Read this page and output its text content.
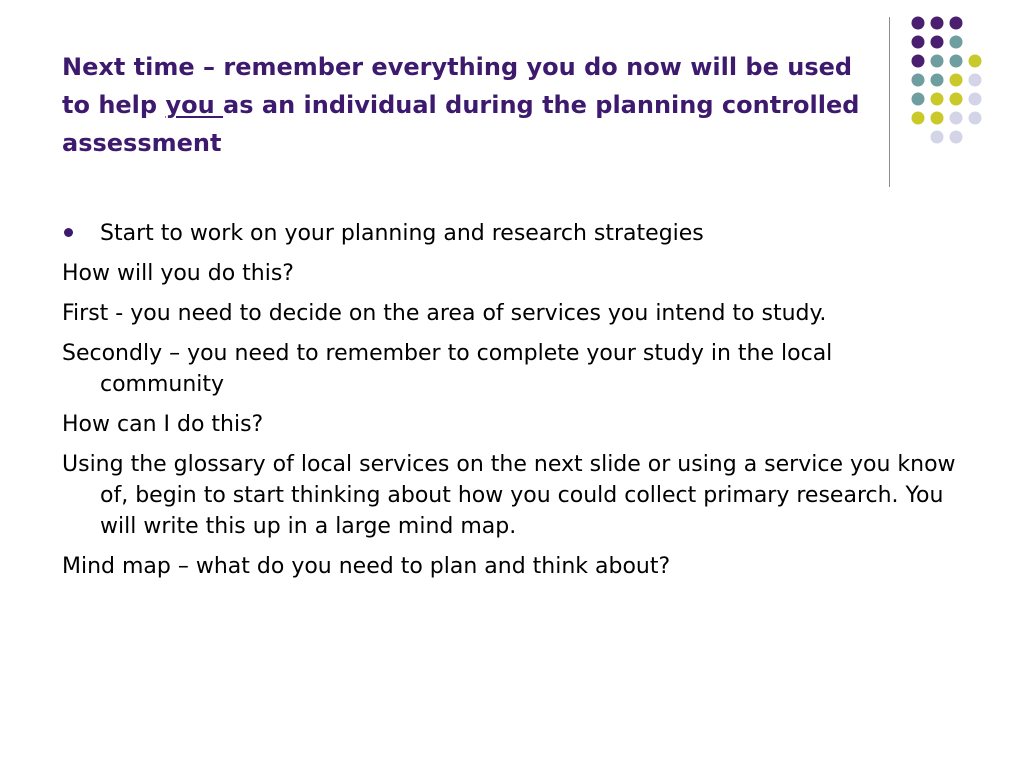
Next time – remember everything you do now will be used to help you as an individual during the planning controlled assessment
Start to work on your planning and research strategies
How will you do this?
First - you need to decide on the area of services you intend to study.
Secondly – you need to remember to complete your study in the local community
How can I do this?
Using the glossary of local services on the next slide or using a service you know of, begin to start thinking about how you could collect primary research. You will write this up in a large mind map.
Mind map – what do you need to plan and think about?
